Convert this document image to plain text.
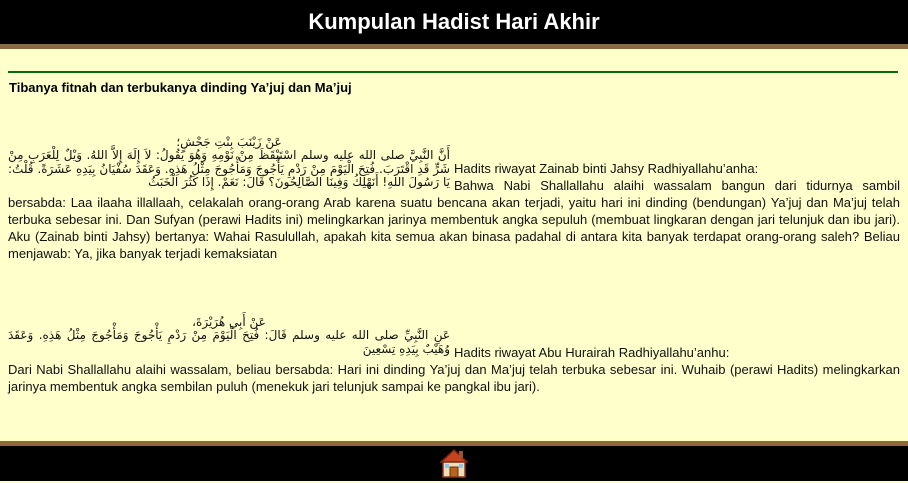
Kumpulan Hadist Hari Akhir
Tibanya fitnah dan terbukanya dinding Ya’juj dan Ma’juj
عَنْ زَيْنَبَ بِنْتِ جَحْشٍ؛
أَنَّ النَّبِيَّ صلى الله عليه وسلم اسْتَيْقَظَ مِنْ نَوْمِهِ وَهُوَ يَقُولُ: لاَ إِلَهَ إِلاَّ اللهُ. وَيْلٌ لِلْعَرَبِ مِنْ شَرٍّ قَدِ اقْتَرَبَ. فُتِحَ الْيَوْمَ مِنْ رَدْمِ يَأْجُوجَ وَمَأْجُوجَ مِثْلُ هَذِهِ. وَعَقَدَ سُفْيَانُ بِيَدِهِ عَشَرَةً. قُلْتُ: يَا رَسُولَ اللهِ! أَنَهْلِكُ وَفِينَا الصَّالِحُونَ؟ قَالَ: نَعَمْ. إِذَا كَثُرَ الْخَبَثُ
Hadits riwayat Zainab binti Jahsy Radhiyallahu’anha:
Bahwa Nabi Shallallahu alaihi wassalam bangun dari tidurnya sambil bersabda: Laa ilaaha illallaah, celakalah orang-orang Arab karena suatu bencana akan terjadi, yaitu hari ini dinding (bendungan) Ya’juj dan Ma’juj telah terbuka sebesar ini. Dan Sufyan (perawi Hadits ini) melingkarkan jarinya membentuk angka sepuluh (membuat lingkaran dengan jari telunjuk dan ibu jari). Aku (Zainab binti Jahsy) bertanya: Wahai Rasulullah, apakah kita semua akan binasa padahal di antara kita banyak terdapat orang-orang saleh? Beliau menjawab: Ya, jika banyak terjadi kemaksiatan
عَنْ أَبِي هُرَيْرَةَ،
عَنِ النَّبِيِّ صلى الله عليه وسلم قَالَ: فُتِحَ الْيَوْمَ مِنْ رَدْمِ يَأْجُوجَ وَمَأْجُوجَ مِثْلُ هَذِهِ. وَعَقَدَ وُهَيْبٌ بِيَدِهِ تِسْعِينَ Hadits riwayat Abu Hurairah Radhiyallahu’anhu:
Dari Nabi Shallallahu alaihi wassalam, beliau bersabda: Hari ini dinding Ya’juj dan Ma’juj telah terbuka sebesar ini. Wuhaib (perawi Hadits) melingkarkan jarinya membentuk angka sembilan puluh (menekuk jari telunjuk sampai ke pangkal ibu jari).
